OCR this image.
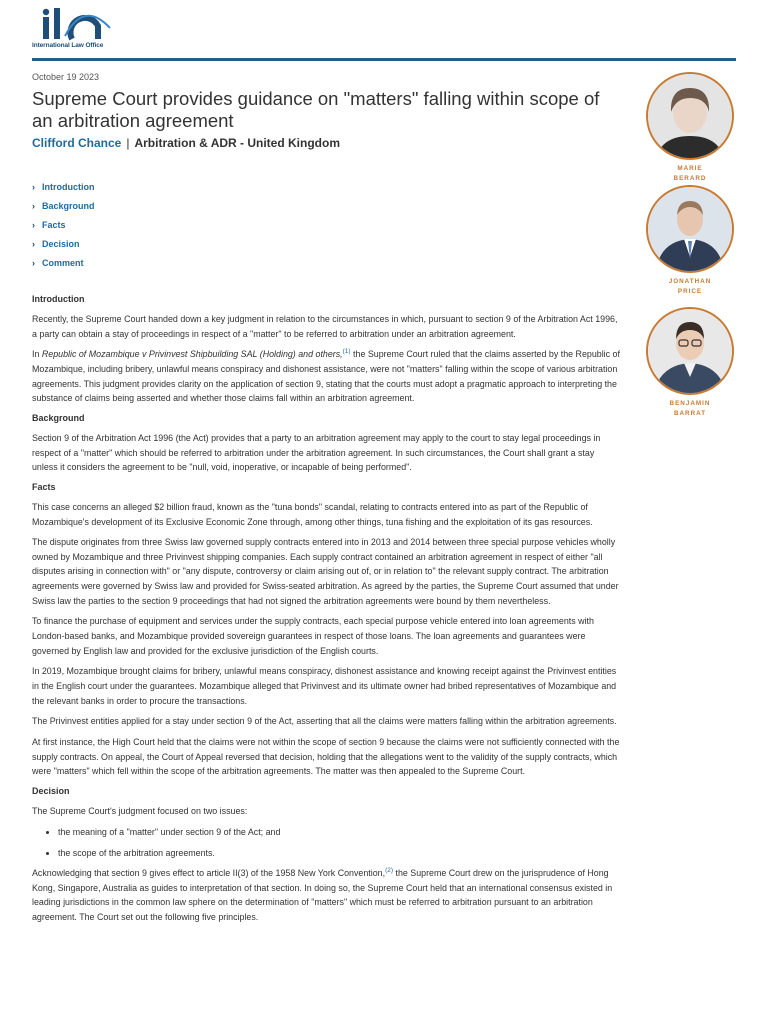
International Law Office
October 19 2023
Supreme Court provides guidance on "matters" falling within scope of an arbitration agreement
Clifford Chance | Arbitration & ADR - United Kingdom
› Introduction
› Background
› Facts
› Decision
› Comment
Introduction

Recently, the Supreme Court handed down a key judgment in relation to the circumstances in which, pursuant to section 9 of the Arbitration Act 1996, a party can obtain a stay of proceedings in respect of a "matter" to be referred to arbitration under an arbitration agreement.

In Republic of Mozambique v Privinvest Shipbuilding SAL (Holding) and others,$^{(1)}$ the Supreme Court ruled that the claims asserted by the Republic of Mozambique, including bribery, unlawful means conspiracy and dishonest assistance, were not "matters" falling within the scope of various arbitration agreements. This judgment provides clarity on the application of section 9, stating that the courts must adopt a pragmatic approach to interpreting the substance of claims being asserted and whether those claims fall within an arbitration agreement.

Background

Section 9 of the Arbitration Act 1996 (the Act) provides that a party to an arbitration agreement may apply to the court to stay legal proceedings in respect of a "matter" which should be referred to arbitration under the arbitration agreement. In such circumstances, the Court shall grant a stay unless it considers the agreement to be "null, void, inoperative, or incapable of being performed".

Facts

This case concerns an alleged $2 billion fraud, known as the "tuna bonds" scandal, relating to contracts entered into as part of the Republic of Mozambique's development of its Exclusive Economic Zone through, among other things, tuna fishing and the exploitation of its gas resources.

The dispute originates from three Swiss law governed supply contracts entered into in 2013 and 2014 between three special purpose vehicles wholly owned by Mozambique and three Privinvest shipping companies. Each supply contract contained an arbitration agreement in respect of either "all disputes arising in connection with" or "any dispute, controversy or claim arising out of, or in relation to" the relevant supply contract. The arbitration agreements were governed by Swiss law and provided for Swiss-seated arbitration. As agreed by the parties, the Supreme Court assumed that under Swiss law the parties to the section 9 proceedings that had not signed the arbitration agreements were bound by them nevertheless.

To finance the purchase of equipment and services under the supply contracts, each special purpose vehicle entered into loan agreements with London-based banks, and Mozambique provided sovereign guarantees in respect of those loans. The loan agreements and guarantees were governed by English law and provided for the exclusive jurisdiction of the English courts.

In 2019, Mozambique brought claims for bribery, unlawful means conspiracy, dishonest assistance and knowing receipt against the Privinvest entities in the English court under the guarantees. Mozambique alleged that Privinvest and its ultimate owner had bribed representatives of Mozambique and the relevant banks in order to procure the transactions.

The Privinvest entities applied for a stay under section 9 of the Act, asserting that all the claims were matters falling within the arbitration agreements.

At first instance, the High Court held that the claims were not within the scope of section 9 because the claims were not sufficiently connected with the supply contracts. On appeal, the Court of Appeal reversed that decision, holding that the allegations went to the validity of the supply contracts, which were "matters" which fell within the scope of the arbitration agreements. The matter was then appealed to the Supreme Court.

Decision

The Supreme Court's judgment focused on two issues:

• the meaning of a "matter" under section 9 of the Act; and
• the scope of the arbitration agreements.

Acknowledging that section 9 gives effect to article II(3) of the 1958 New York Convention,$^{(2)}$ the Supreme Court drew on the jurisprudence of Hong Kong, Singapore, Australia as guides to interpretation of that section. In doing so, the Supreme Court held that an international consensus existed in leading jurisdictions in the common law sphere on the determination of "matters" which must be referred to arbitration pursuant to an arbitration agreement. The Court set out the following five principles.

MARIE BERARD
JONATHAN PRICE
BENJAMIN BARRAT
